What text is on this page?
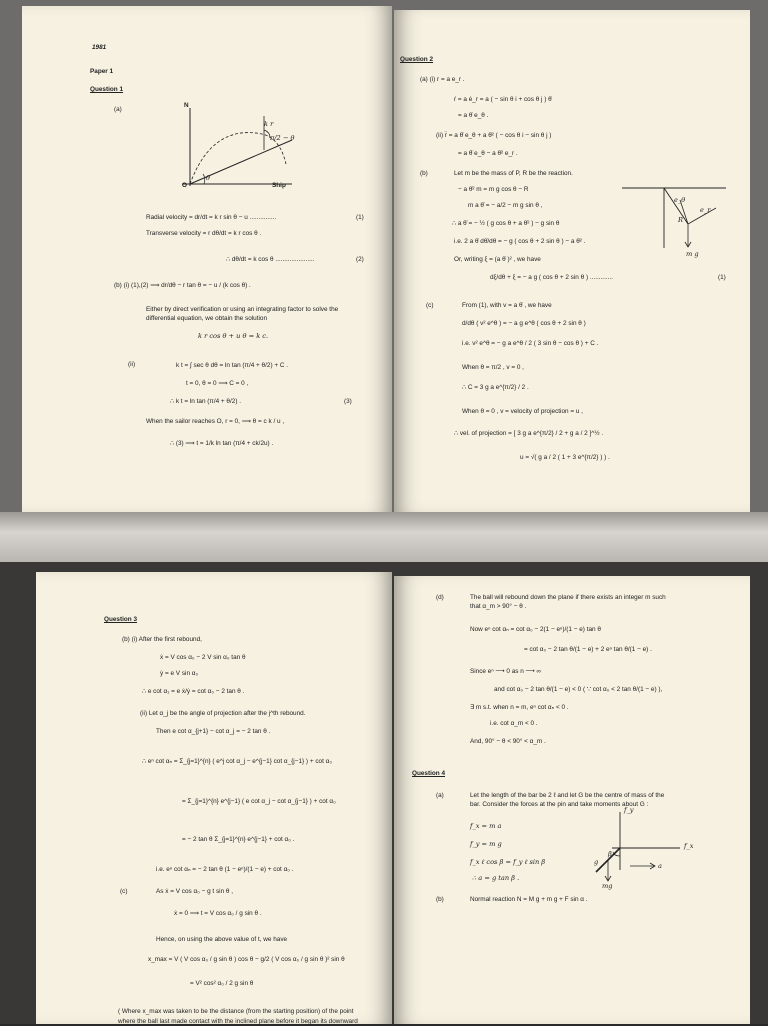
1981
Paper 1
Question 1
(a)
N
k r
π/2 − θ
θ
O	Ship
Radial velocity = dr/dt = k r sin θ − u ...............	(1)
Transverse velocity = r dθ/dt = k r cos θ .
∴ dθ/dt = k cos θ ......................	(2)
(b) (i) (1),(2) ⟹ dr/dθ − r tan θ = − u / (k cos θ) .
Either by direct verification or using an integrating factor to solve the
differential equation, we obtain the solution
k r cos θ + u θ = k c.
(ii)	k t = ∫ sec θ dθ = ln tan (π/4 + θ/2) + C .
t = 0, θ = 0 ⟹ C = 0 ,
∴ k t = ln tan (π/4 + θ/2) .	(3)
When the sailor reaches O, r = 0, ⟹ θ = c k / u ,
∴ (3) ⟹ t = 1/k ln tan (π/4 + ck/2u) .
Question 2
(a) (i) r = a e_r .
ṙ = a ė_r = a ( − sin θ i + cos θ j ) θ̇
= a θ̇ e_θ .
(ii) r̈ = a θ̈ e_θ + a θ̇² ( − cos θ i − sin θ j )
= a θ̈ e_θ − a θ̇² e_r .
(b)	Let m be the mass of P, R be the reaction.
− a θ̇² m = m g cos θ − R
m a θ̈ = − a/2 − m g sin θ ,
∴ a θ̈ = − ½ ( g cos θ + a θ̇² ) − g sin θ
i.e. 2 a θ̇ dθ̇/dθ = − g ( cos θ + 2 sin θ ) − a θ̇² .
Or, writing ξ = (a θ̇ )² , we have
dξ/dθ + ξ = − a g ( cos θ + 2 sin θ ) .............	(1)
e_r
e_θ
R
m g
(c)	From (1), with v = a θ̇ , we have
d/dθ ( v² e^θ ) = − a g e^θ ( cos θ + 2 sin θ )
i.e. v² e^θ = − g a e^θ / 2 ( 3 sin θ − cos θ ) + C .
When θ = π/2 , v = 0 ,
∴ C = 3 g a e^{π/2} / 2 .
When θ = 0 , v = velocity of projection = u ,
∴ vel. of projection = [ 3 g a e^{π/2} / 2 + g a / 2 ]^½ .
u = √( g a / 2 ( 1 + 3 e^{π/2} ) ) .
Question 3
(b) (i) After the first rebound,
ẋ = V cos α₀ − 2 V sin α₀ tan θ
ẏ = e V sin α₀
∴ e cot α₁ = e ẋ/ẏ = cot α₀ − 2 tan θ .
(ii) Let α_j be the angle of projection after the j^th rebound.
Then e cot α_{j+1} − cot α_j = − 2 tan θ .
∴ eⁿ cot αₙ = Σ_{j=1}^{n} ( e^j cot α_j − e^{j−1} cot α_{j−1} ) + cot α₀
= Σ_{j=1}^{n} e^{j−1} ( e cot α_j − cot α_{j−1} ) + cot α₀
= − 2 tan θ Σ_{j=1}^{n} e^{j−1} + cot α₀ .
i.e. eⁿ cot αₙ = − 2 tan θ (1 − eⁿ)/(1 − e) + cot α₀ .
(c)	As ẋ = V cos α₀ − g t sin θ ,
ẋ = 0 ⟹ t = V cos α₀ / g sin θ .
Hence, on using the above value of t, we have
x_max = V ( V cos α₀ / g sin θ ) cos θ − g/2 ( V cos α₀ / g sin θ )² sin θ
= V² cos² α₀ / 2 g sin θ
( Where x_max was taken to be the distance (from the starting position) of the point
where the ball last made contact with the inclined plane before it began its downward
(d)	The ball will rebound down the plane if there exists an integer m such
that α_m > 90° − θ .
Now eⁿ cot αₙ = cot α₀ − 2(1 − eⁿ)/(1 − e) tan θ
= cot α₀ − 2 tan θ/(1 − e) + 2 eⁿ tan θ/(1 − e) .
Since eⁿ ⟶ 0 as n ⟶ ∞
and cot α₀ − 2 tan θ/(1 − e) < 0 ( ∵ cot α₀ < 2 tan θ/(1 − e) ),
∃ m s.t. when n = m, eⁿ cot αₙ < 0 .
i.e. cot α_m < 0 .
And, 90° − θ < 90° < α_m .
Question 4
(a)	Let the length of the bar be 2 ℓ and let G be the centre of mass of the
bar. Consider the forces at the pin and take moments about G :
f_x = m a
f_y = m g
f_x ℓ cos β = f_y ℓ sin β
∴ a = g tan β .
f_y
f_x
β
g	a
mg
(b)	Normal reaction N = M g + m g + F sin α .
